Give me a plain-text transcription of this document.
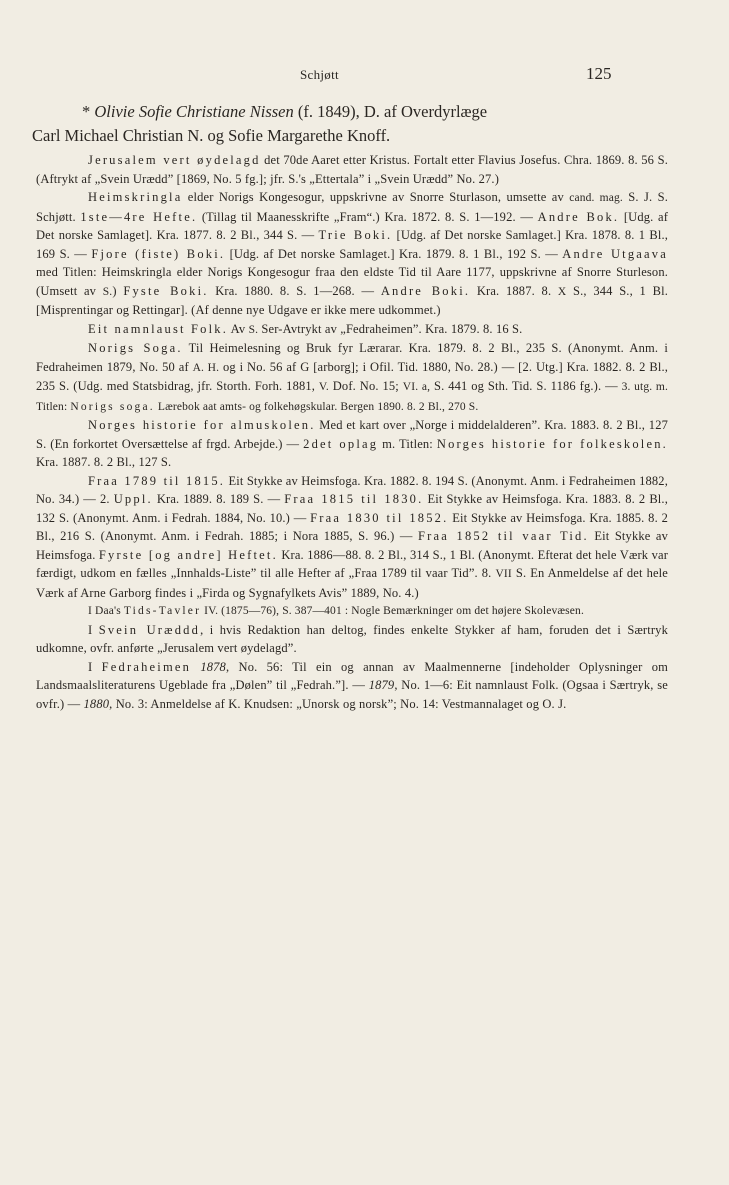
Schjøtt	125

* Olivie Sofie Christiane Nissen (f. 1849), D. af Overdyrlæge

Carl Michael Christian N. og Sofie Margarethe Knoff.

Jerusalem vert øydelagd det 70de Aaret etter Kristus. Fortalt etter Flavius Josefus. Chra. 1869. 8. 56 S. (Aftrykt af „Svein Uræddˮ [1869, No. 5 fg.]; jfr. S.'s „Ettertalaˮ i „Svein Uræddˮ No. 27.)

Heimskringla elder Norigs Kongesogur, uppskrivne av Snorre Sturlason, umsette av cand. mag. S. J. S. Schjøtt. 1ste—4re Hefte. (Tillag til Maanesskrifte „Fram“.) Kra. 1872. 8. S. 1—192. — Andre Bok. [Udg. af Det norske Samlaget]. Kra. 1877. 8. 2 Bl., 344 S. — Trie Boki. [Udg. af Det norske Samlaget.] Kra. 1878. 8. 1 Bl., 169 S. — Fjore (fiste) Boki. [Udg. af Det norske Samlaget.] Kra. 1879. 8. 1 Bl., 192 S. — Andre Utgaava med Titlen: Heimskringla elder Norigs Kongesogur fraa den eldste Tid til Aare 1177, uppskrivne af Snorre Sturleson. (Umsett av S.) Fyste Boki. Kra. 1880. 8. S. 1—268. — Andre Boki. Kra. 1887. 8. X S., 344 S., 1 Bl. [Misprentingar og Rettingar]. (Af denne nye Udgave er ikke mere udkommet.)

Eit namnlaust Folk. Av S. Ser-Avtrykt av „Fedraheimenˮ. Kra. 1879. 8. 16 S.

Norigs Soga. Til Heimelesning og Bruk fyr Lærarar. Kra. 1879. 8. 2 Bl., 235 S. (Anonymt. Anm. i Fedraheimen 1879, No. 50 af A. H. og i No. 56 af G [arborg]; i Ofil. Tid. 1880, No. 28.) — [2. Utg.] Kra. 1882. 8. 2 Bl., 235 S. (Udg. med Statsbidrag, jfr. Storth. Forh. 1881, V. Dof. No. 15; VI. a, S. 441 og Sth. Tid. S. 1186 fg.). — 3. utg. m. Titlen: Norigs soga. Lærebok aat amts- og folkehøgskular. Bergen 1890. 8. 2 Bl., 270 S.

Norges historie for almuskolen. Med et kart over „Norge i middelalderenˮ. Kra. 1883. 8. 2 Bl., 127 S. (En forkortet Oversættelse af frgd. Arbejde.) — 2det oplag m. Titlen: Norges historie for folkeskolen. Kra. 1887. 8. 2 Bl., 127 S.

Fraa 1789 til 1815. Eit Stykke av Heimsfoga. Kra. 1882. 8. 194 S. (Anonymt. Anm. i Fedraheimen 1882, No. 34.) — 2. Uppl. Kra. 1889. 8. 189 S. — Fraa 1815 til 1830. Eit Stykke av Heimsfoga. Kra. 1883. 8. 2 Bl., 132 S. (Anonymt. Anm. i Fedrah. 1884, No. 10.) — Fraa 1830 til 1852. Eit Stykke av Heimsfoga. Kra. 1885. 8. 2 Bl., 216 S. (Anonymt. Anm. i Fedrah. 1885; i Nora 1885, S. 96.) — Fraa 1852 til vaar Tid. Eit Stykke av Heimsfoga. Fyrste [og andre] Heftet. Kra. 1886—88. 8. 2 Bl., 314 S., 1 Bl. (Anonymt. Efterat det hele Værk var færdigt, udkom en fælles „Innhalds-Listeˮ til alle Hefter af „Fraa 1789 til vaar Tidˮ. 8. VII S. En Anmeldelse af det hele Værk af Arne Garborg findes i „Firda og Sygnafylkets Avisˮ 1889, No. 4.)

I Daa's Tids-Tavler IV. (1875—76), S. 387—401 : Nogle Bemærkninger om det højere Skolevæsen.

I Svein Uræddd, i hvis Redaktion han deltog, findes enkelte Stykker af ham, foruden det i Særtryk udkomne, ovfr. anførte „Jerusalem vert øydelagdˮ.

I Fedraheimen 1878, No. 56: Til ein og annan av Maalmennerne [indeholder Oplysninger om Landsmaalsliteraturens Ugeblade fra „Dølenˮ til „Fedrah.ˮ]. — 1879, No. 1—6: Eit namnlaust Folk. (Ogsaa i Særtryk, se ovfr.) — 1880, No. 3: Anmeldelse af K. Knudsen: „Unorsk og norskˮ; No. 14: Vestmannalaget og O. J.
